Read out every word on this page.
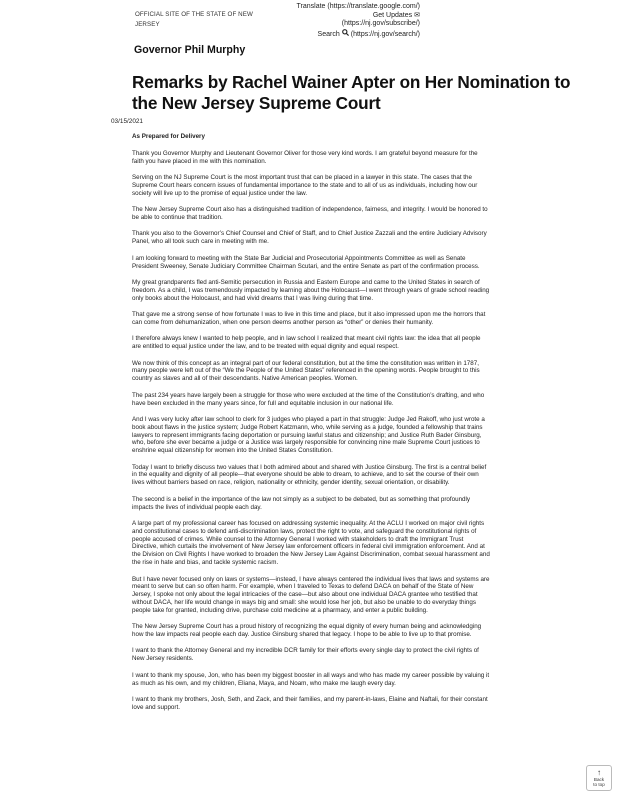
OFFICIAL SITE OF THE STATE OF NEW JERSEY
Translate (https://translate.google.com/)
Get Updates ✉
(https://nj.gov/subscribe/)
Search (https://nj.gov/search/)
Governor Phil Murphy
Remarks by Rachel Wainer Apter on Her Nomination to the New Jersey Supreme Court
03/15/2021
As Prepared for Delivery

Thank you Governor Murphy and Lieutenant Governor Oliver for those very kind words. I am grateful beyond measure for the faith you have placed in me with this nomination.

Serving on the NJ Supreme Court is the most important trust that can be placed in a lawyer in this state. The cases that the Supreme Court hears concern issues of fundamental importance to the state and to all of us as individuals, including how our society will live up to the promise of equal justice under the law.

The New Jersey Supreme Court also has a distinguished tradition of independence, fairness, and integrity. I would be honored to be able to continue that tradition.

Thank you also to the Governor’s Chief Counsel and Chief of Staff, and to Chief Justice Zazzali and the entire Judiciary Advisory Panel, who all took such care in meeting with me.

I am looking forward to meeting with the State Bar Judicial and Prosecutorial Appointments Committee as well as Senate President Sweeney, Senate Judiciary Committee Chairman Scutari, and the entire Senate as part of the confirmation process.

My great grandparents fled anti-Semitic persecution in Russia and Eastern Europe and came to the United States in search of freedom. As a child, I was tremendously impacted by learning about the Holocaust—I went through years of grade school reading only books about the Holocaust, and had vivid dreams that I was living during that time.

That gave me a strong sense of how fortunate I was to live in this time and place, but it also impressed upon me the horrors that can come from dehumanization, when one person deems another person as “other” or denies their humanity.

I therefore always knew I wanted to help people, and in law school I realized that meant civil rights law: the idea that all people are entitled to equal justice under the law, and to be treated with equal dignity and equal respect.

We now think of this concept as an integral part of our federal constitution, but at the time the constitution was written in 1787, many people were left out of the “We the People of the United States” referenced in the opening words. People brought to this country as slaves and all of their descendants. Native American peoples. Women.

The past 234 years have largely been a struggle for those who were excluded at the time of the Constitution’s drafting, and who have been excluded in the many years since, for full and equitable inclusion in our national life.

And I was very lucky after law school to clerk for 3 judges who played a part in that struggle: Judge Jed Rakoff, who just wrote a book about flaws in the justice system; Judge Robert Katzmann, who, while serving as a judge, founded a fellowship that trains lawyers to represent immigrants facing deportation or pursuing lawful status and citizenship; and Justice Ruth Bader Ginsburg, who, before she ever became a judge or a Justice was largely responsible for convincing nine male Supreme Court justices to enshrine equal citizenship for women into the United States Constitution.

Today I want to briefly discuss two values that I both admired about and shared with Justice Ginsburg. The first is a central belief in the equality and dignity of all people—that everyone should be able to dream, to achieve, and to set the course of their own lives without barriers based on race, religion, nationality or ethnicity, gender identity, sexual orientation, or disability.

The second is a belief in the importance of the law not simply as a subject to be debated, but as something that profoundly impacts the lives of individual people each day.

A large part of my professional career has focused on addressing systemic inequality. At the ACLU I worked on major civil rights and constitutional cases to defend anti-discrimination laws, protect the right to vote, and safeguard the constitutional rights of people accused of crimes. While counsel to the Attorney General I worked with stakeholders to draft the Immigrant Trust Directive, which curtails the involvement of New Jersey law enforcement officers in federal civil immigration enforcement. And at the Division on Civil Rights I have worked to broaden the New Jersey Law Against Discrimination, combat sexual harassment and the rise in hate and bias, and tackle systemic racism.

But I have never focused only on laws or systems—instead, I have always centered the individual lives that laws and systems are meant to serve but can so often harm. For example, when I traveled to Texas to defend DACA on behalf of the State of New Jersey, I spoke not only about the legal intricacies of the case—but also about one individual DACA grantee who testified that without DACA, her life would change in ways big and small: she would lose her job, but also be unable to do everyday things people take for granted, including drive, purchase cold medicine at a pharmacy, and enter a public building.

The New Jersey Supreme Court has a proud history of recognizing the equal dignity of every human being and acknowledging how the law impacts real people each day. Justice Ginsburg shared that legacy. I hope to be able to live up to that promise.

I want to thank the Attorney General and my incredible DCR family for their efforts every single day to protect the civil rights of New Jersey residents.

I want to thank my spouse, Jon, who has been my biggest booster in all ways and who has made my career possible by valuing it as much as his own, and my children, Eliana, Maya, and Noam, who make me laugh every day.

I want to thank my brothers, Josh, Seth, and Zack, and their families, and my parent-in-laws, Elaine and Naftali, for their constant love and support.

↑
Back
to top
